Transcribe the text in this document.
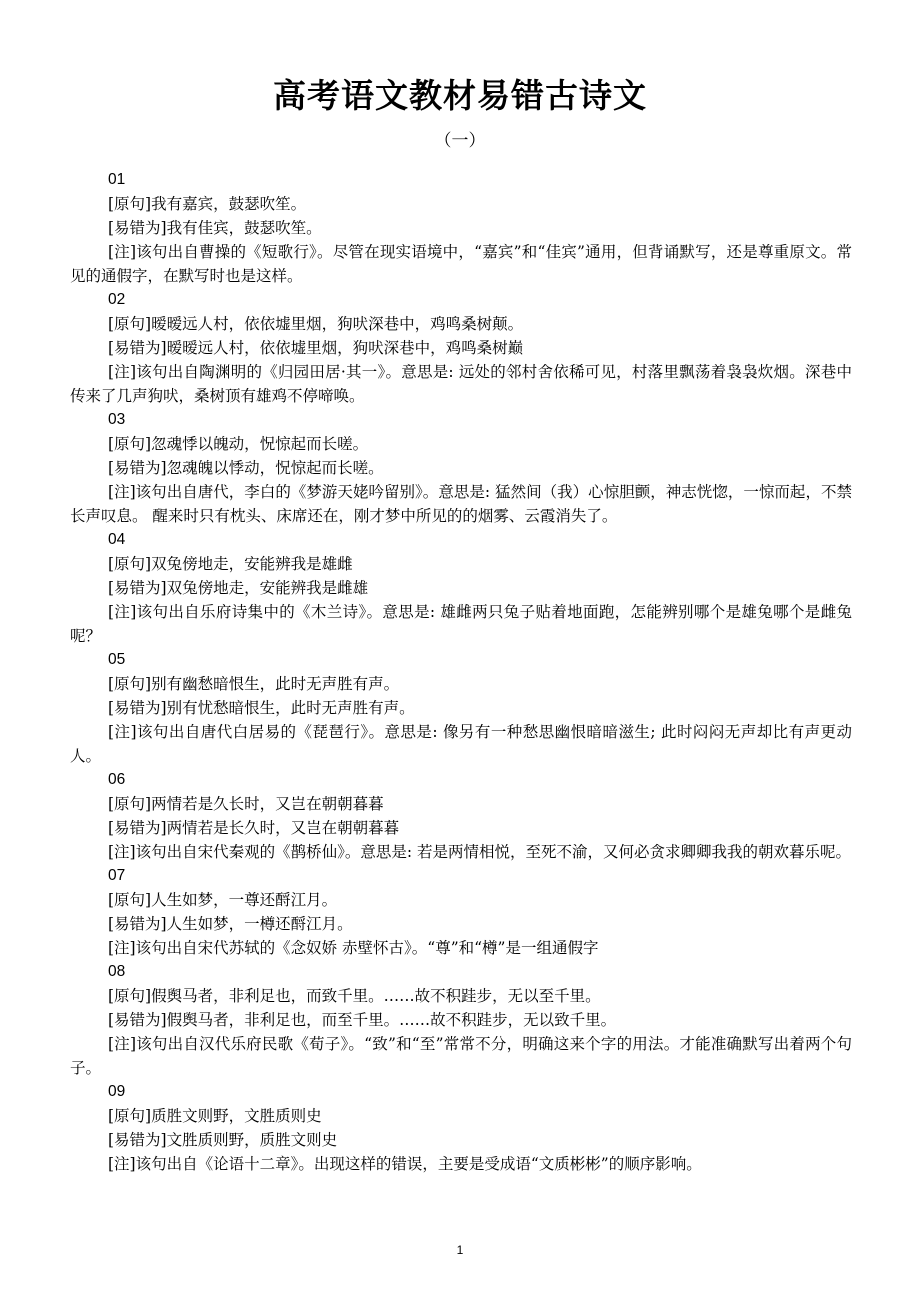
高考语文教材易错古诗文
（一）
01
[原句]我有嘉宾，鼓瑟吹笙。
[易错为]我有佳宾，鼓瑟吹笙。
[注]该句出自曹操的《短歌行》。尽管在现实语境中，“嘉宾”和“佳宾”通用，但背诵默写，还是尊重原文。常见的通假字，在默写时也是这样。
02
[原句]暧暧远人村，依依墟里烟，狗吠深巷中，鸡鸣桑树颠。
[易错为]暧暧远人村，依依墟里烟，狗吠深巷中，鸡鸣桑树巅
[注]该句出自陶渊明的《归园田居·其一》。意思是: 远处的邻村舍依稀可见，村落里飘荡着袅袅炊烟。深巷中传来了几声狗吠，桑树顶有雄鸡不停啼唤。
03
[原句]忽魂悸以魄动，怳惊起而长嗟。
[易错为]忽魂魄以悸动，怳惊起而长嗟。
[注]该句出自唐代，李白的《梦游天姥吟留别》。意思是: 猛然间（我）心惊胆颤，神志恍惚，一惊而起，不禁长声叹息。 醒来时只有枕头、床席还在，刚才梦中所见的的烟雾、云霞消失了。
04
[原句]双兔傍地走，安能辨我是雄雌
[易错为]双兔傍地走，安能辨我是雌雄
[注]该句出自乐府诗集中的《木兰诗》。意思是: 雄雌两只兔子贴着地面跑，怎能辨别哪个是雄兔哪个是雌兔呢？
05
[原句]别有幽愁暗恨生，此时无声胜有声。
[易错为]别有忧愁暗恨生，此时无声胜有声。
[注]该句出自唐代白居易的《琵琶行》。意思是: 像另有一种愁思幽恨暗暗滋生; 此时闷闷无声却比有声更动人。
06
[原句]两情若是久长时，又岂在朝朝暮暮
[易错为]两情若是长久时，又岂在朝朝暮暮
[注]该句出自宋代秦观的《鹊桥仙》。意思是: 若是两情相悦，至死不渝，又何必贪求卿卿我我的朝欢暮乐呢。
07
[原句]人生如梦，一尊还酹江月。
[易错为]人生如梦，一樽还酹江月。
[注]该句出自宋代苏轼的《念奴娇 赤壁怀古》。“尊”和“樽”是一组通假字
08
[原句]假舆马者，非利足也，而致千里。……故不积跬步，无以至千里。
[易错为]假舆马者，非利足也，而至千里。……故不积跬步，无以致千里。
[注]该句出自汉代乐府民歌《荀子》。“致”和“至”常常不分，明确这来个字的用法。才能准确默写出着两个句子。
09
[原句]质胜文则野，文胜质则史
[易错为]文胜质则野，质胜文则史
[注]该句出自《论语十二章》。出现这样的错误，主要是受成语“文质彬彬”的顺序影响。
1
